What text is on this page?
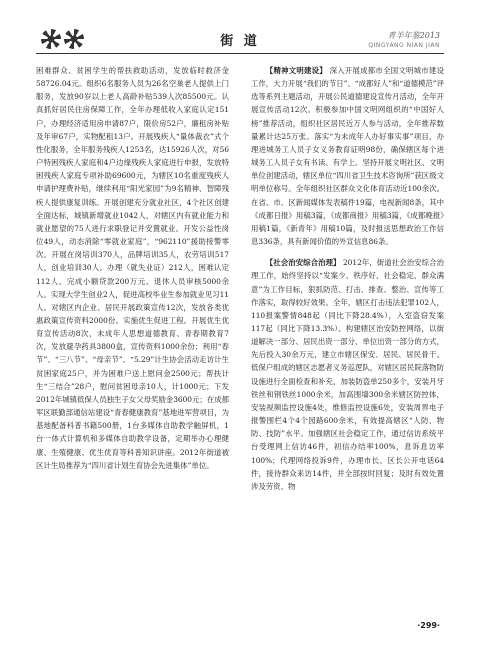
街 道	青羊年鉴2013
QINGYANG NIAN JIAN

困难群众、贫困学生的帮扶救助活动，发放临时救济金58726.04元。组织6名服务人员为26名空巢老人提供上门服务，发放90岁以上老人高龄补贴539人次85500元。认真抓好居民住房保障工作，全年办理低收入家庭认定151户，办理经济适用房申请87户，限价房52户，廉租房补贴及年审67户，实物配租13户。开展残疾人“量体裁衣”式个性化服务，全年服务残疾人1253名，达15926人次，对56户特困残疾人家庭和4户边缘残疾人家庭进行申报，发放特困残疾人家庭专项补助69600元，为辖区10名重度残疾人申请护理费补贴，继续利用“阳光家园”为9名精神、智障残疾人提供康复训练。开展创建充分就业社区，4个社区创建全面达标，城镇新增就业1042人，对辖区内有就业能力和就业愿望的75人进行求职登记并安置就业。开发公益性岗位49人，动态消除“零就业家庭”，“962110”援助接警零次。开展在岗培训370人，品牌培训35人，农劳培训517人，创业培训30人。办理（就失业证）212人，困难认定112人。完成小额贷款200万元。退休人员审核5000余人。实现大学生创业2人，促进高校毕业生参加就业见习11人。对辖区内企业、居民开展政策宣传12次，发放各类优惠政策宣传资料2000份。实施优生促进工程。开展优生优育宣传活动8次，未成年人思想道德教育、青春期教育7次，发放避孕药具3800盒，宣传资料1000余份；利用“春节”、“三八节”、“母亲节”、“5.29”计生协会活动走访计生贫困家庭25户，并为困难户送上慰问金2500元；帮扶计生“三结合”28户，慰问贫困母亲10人，计1000元；下发2012年城镇低保人员独生子女父母奖励金3600元；在成都军区联勤部通信站建设“青春健康教育”基地进军营项目，为基地配备科普书籍500册，1台多媒体自助教学触屏机，1台一体式计算机和多媒体自助教学设备，定期举办心理健康、生殖健康、优生优育等科普知识讲座。2012年街道被区计生局推荐为“四川省计划生育协会先进集体”单位。

【精神文明建设】 深入开展成都市全国文明城市建设工作，大力开展“我们的节日”、“成都好人”和“道德模范”评选等系列主题活动，开展公民道德建设宣传月活动，全年开展宣传活动12次。积极参加中国文明网组织的“中国好人榜”推荐活动，组织社区居民近万人参与活动，全年推荐数量累计达25万张。落实“为未成年人办好事实事”项目，办理进城务工人员子女义务教育证明98份，确保辖区每个进城务工人员子女有书读、有学上。坚持开展文明社区、文明单位创建活动，辖区单位“四川省卫生技术咨询所”获区级文明单位称号。全年组织社区群众文化体育活动近100余次。在省、市、区新闻媒体发表稿件19篇，电视新闻8条，其中《成都日报》用稿3篇，《成都商报》用稿3篇，《成都晚报》用稿1篇，《新青年》用稿10篇，及时报送思想政治工作信息336条，具有新闻价值的外宣信息86条。

【社会治安综合治理】 2012年，街道社会治安综合治理工作，始终坚持以“发案少、秩序好、社会稳定、群众满意”为工作目标，狠抓防范、打击、排查、整治、宣传等工作落实，取得较好效果。全年，辖区打击违法犯罪102人，110报案警情848起（同比下降28.4%），入室盗窃发案117起（同比下降13.3%）。构建辖区治安防控网络，以街道解决一部分、居民出资一部分、单位出资一部分的方式，先后投入30余万元，建立市辖区保安、居民、居民骨干、低保户组成的辖区志愿者义务巡逻队，对辖区居民院落物防设施进行全面检查和补充，加装防盗单250多个，安装月牙铁丝和钢铁丝1000余米，加高围墙300余米辖区防控体，安装视频监控设施4处，维修监控设施6处，安装周界电子报警围栏4个4个园路600余米，有效提高辖区“人防、物防、技防”水平。加强辖区社会稳定工作，通过信访系统平台受理网上信访46件，初信办结率100%，息诉息访率100%；代理网络投诉9件，办理市长、区长公开电话64件，接待群众来访14件，并全部按时回复；及时有效处置涉及劳资、物

·299·
